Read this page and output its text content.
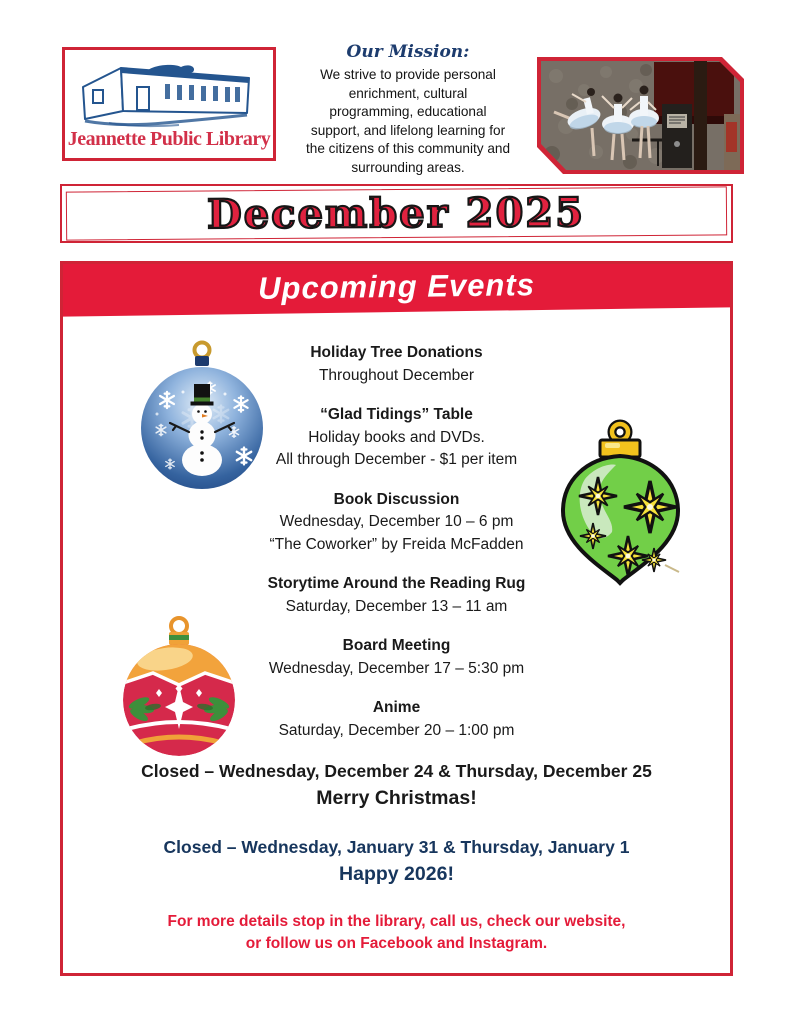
Jeannette Public Library
Our Mission:
We strive to provide personal
enrichment, cultural
programming, educational
support, and lifelong learning for
the citizens of this community and
surrounding areas.
December 2025
Upcoming Events
Holiday Tree Donations
Throughout December
“Glad Tidings” Table
Holiday books and DVDs.
All through December - $1 per item
Book Discussion
Wednesday, December 10 – 6 pm
“The Coworker” by Freida McFadden
Storytime Around the Reading Rug
Saturday, December 13 – 11 am
Board Meeting
Wednesday, December 17 – 5:30 pm
Anime
Saturday, December 20 – 1:00 pm
Closed – Wednesday, December 24 & Thursday, December 25
Merry Christmas!
Closed – Wednesday, January 31 & Thursday, January 1
Happy 2026!
For more details stop in the library, call us, check our website,
or follow us on Facebook and Instagram.
